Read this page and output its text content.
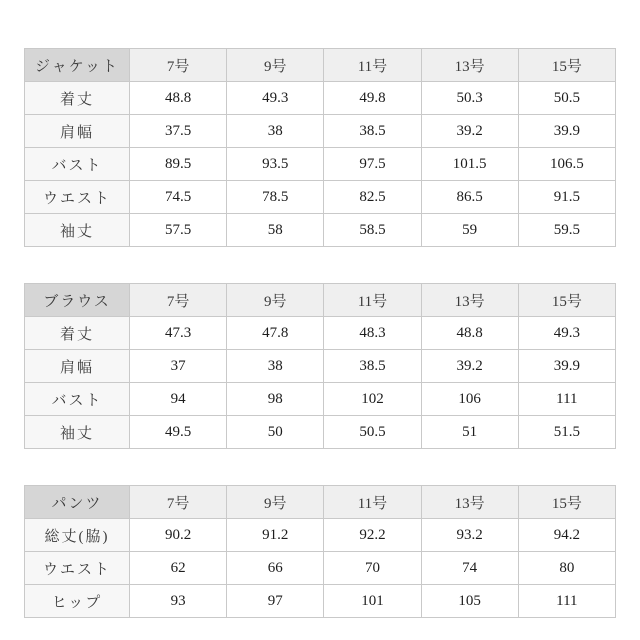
ジャケット	7号	9号	11号	13号	15号
着丈	48.8	49.3	49.8	50.3	50.5
肩幅	37.5	38	38.5	39.2	39.9
バスト	89.5	93.5	97.5	101.5	106.5
ウエスト	74.5	78.5	82.5	86.5	91.5
袖丈	57.5	58	58.5	59	59.5
ブラウス	7号	9号	11号	13号	15号
着丈	47.3	47.8	48.3	48.8	49.3
肩幅	37	38	38.5	39.2	39.9
バスト	94	98	102	106	111
袖丈	49.5	50	50.5	51	51.5
パンツ	7号	9号	11号	13号	15号
総丈(脇)	90.2	91.2	92.2	93.2	94.2
ウエスト	62	66	70	74	80
ヒップ	93	97	101	105	111
